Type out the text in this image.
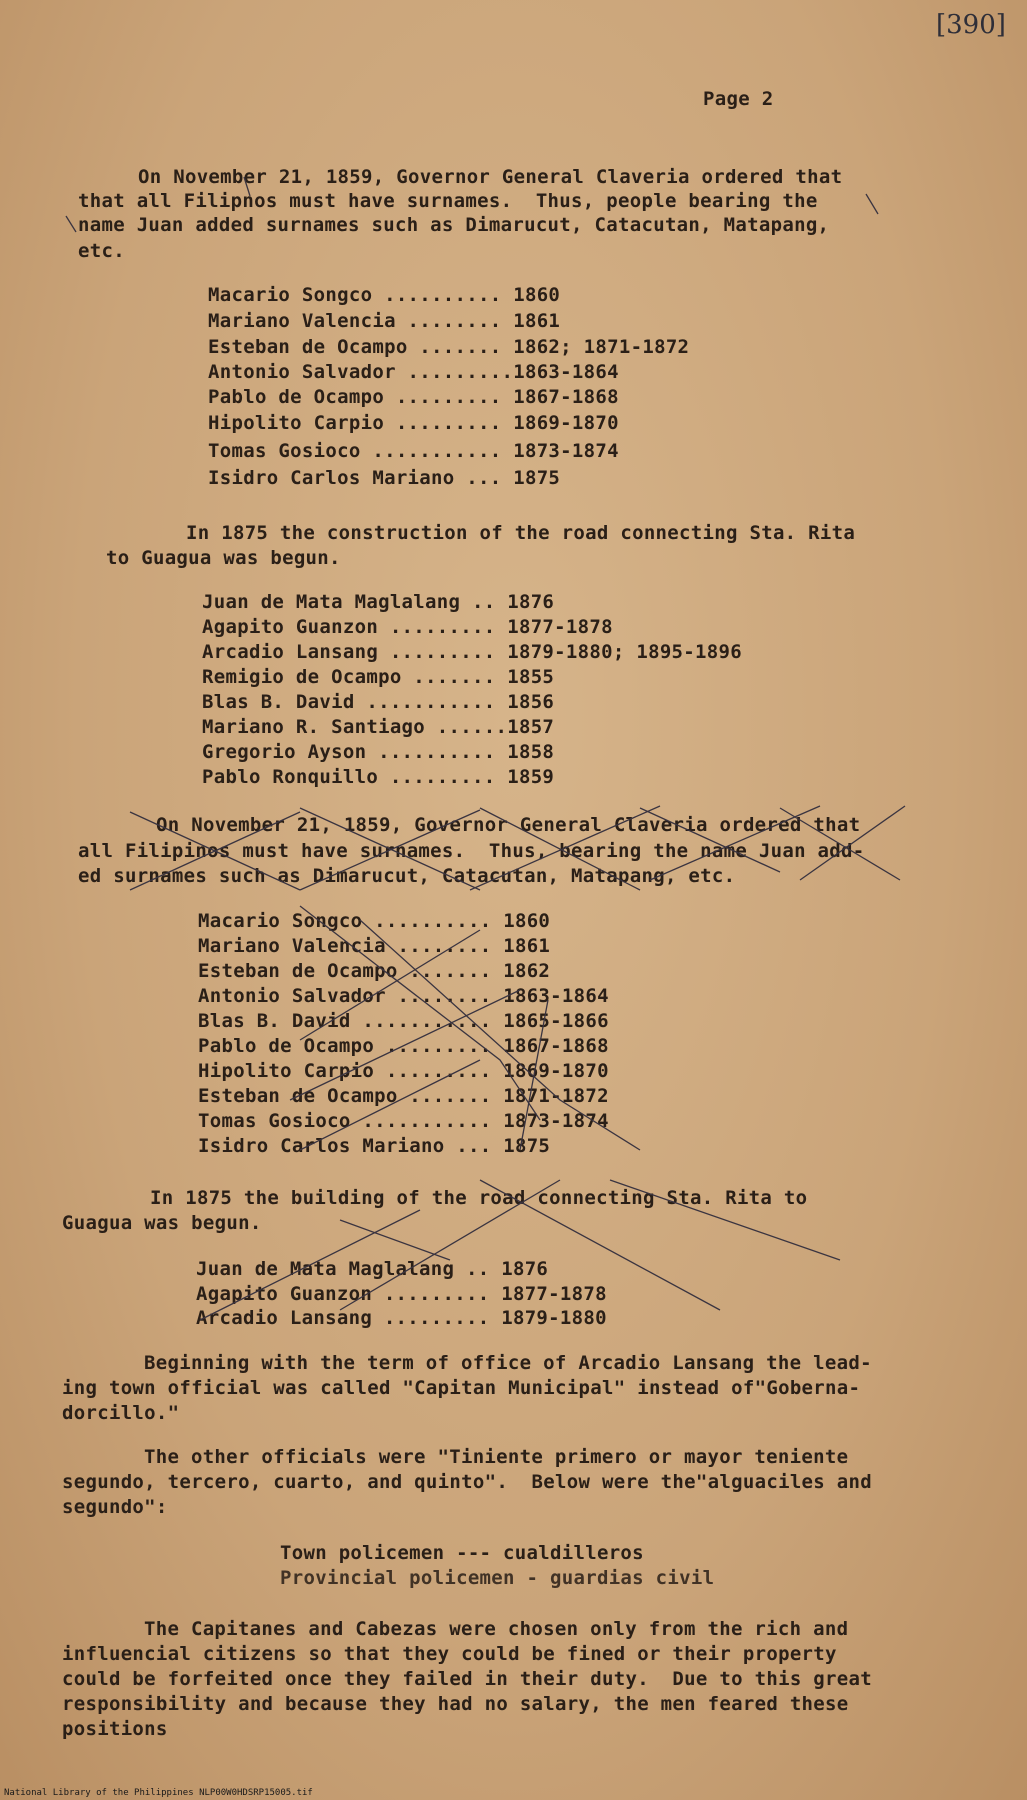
[390]
Page 2
On November 21, 1859, Governor General Claveria ordered that
that all Filipnos must have surnames.  Thus, people bearing the
name Juan added surnames such as Dimarucut, Catacutan, Matapang,
etc.
Macario Songco .......... 1860
Mariano Valencia ........ 1861
Esteban de Ocampo ....... 1862; 1871-1872
Antonio Salvador .........1863-1864
Pablo de Ocampo ......... 1867-1868
Hipolito Carpio ......... 1869-1870
Tomas Gosioco ........... 1873-1874
Isidro Carlos Mariano ... 1875
In 1875 the construction of the road connecting Sta. Rita
to Guagua was begun.
Juan de Mata Maglalang .. 1876
Agapito Guanzon ......... 1877-1878
Arcadio Lansang ......... 1879-1880; 1895-1896
Remigio de Ocampo ....... 1855
Blas B. David ........... 1856
Mariano R. Santiago ......1857
Gregorio Ayson .......... 1858
Pablo Ronquillo ......... 1859
On November 21, 1859, Governor General Claveria ordered that
all Filipinos must have surnames.  Thus, bearing the name Juan add-
ed surnames such as Dimarucut, Catacutan, Matapang, etc.
Macario Songco .......... 1860
Mariano Valencia ........ 1861
Esteban de Ocampo ....... 1862
Antonio Salvador ........ 1863-1864
Blas B. David ........... 1865-1866
Pablo de Ocampo ......... 1867-1868
Hipolito Carpio ......... 1869-1870
Esteban de Ocampo ....... 1871-1872
Tomas Gosioco ........... 1873-1874
Isidro Carlos Mariano ... 1875
In 1875 the building of the road connecting Sta. Rita to
Guagua was begun.
Juan de Mata Maglalang .. 1876
Agapito Guanzon ......... 1877-1878
Arcadio Lansang ......... 1879-1880
Beginning with the term of office of Arcadio Lansang the lead-
ing town official was called "Capitan Municipal" instead of"Goberna-
dorcillo."
The other officials were "Tiniente primero or mayor teniente
segundo, tercero, cuarto, and quinto".  Below were the"alguaciles and
segundo":
Town policemen --- cualdilleros
Provincial policemen - guardias civil
The Capitanes and Cabezas were chosen only from the rich and
influencial citizens so that they could be fined or their property
could be forfeited once they failed in their duty.  Due to this great
responsibility and because they had no salary, the men feared these
positions
National Library of the Philippines NLP00W0HDSRP15005.tif
